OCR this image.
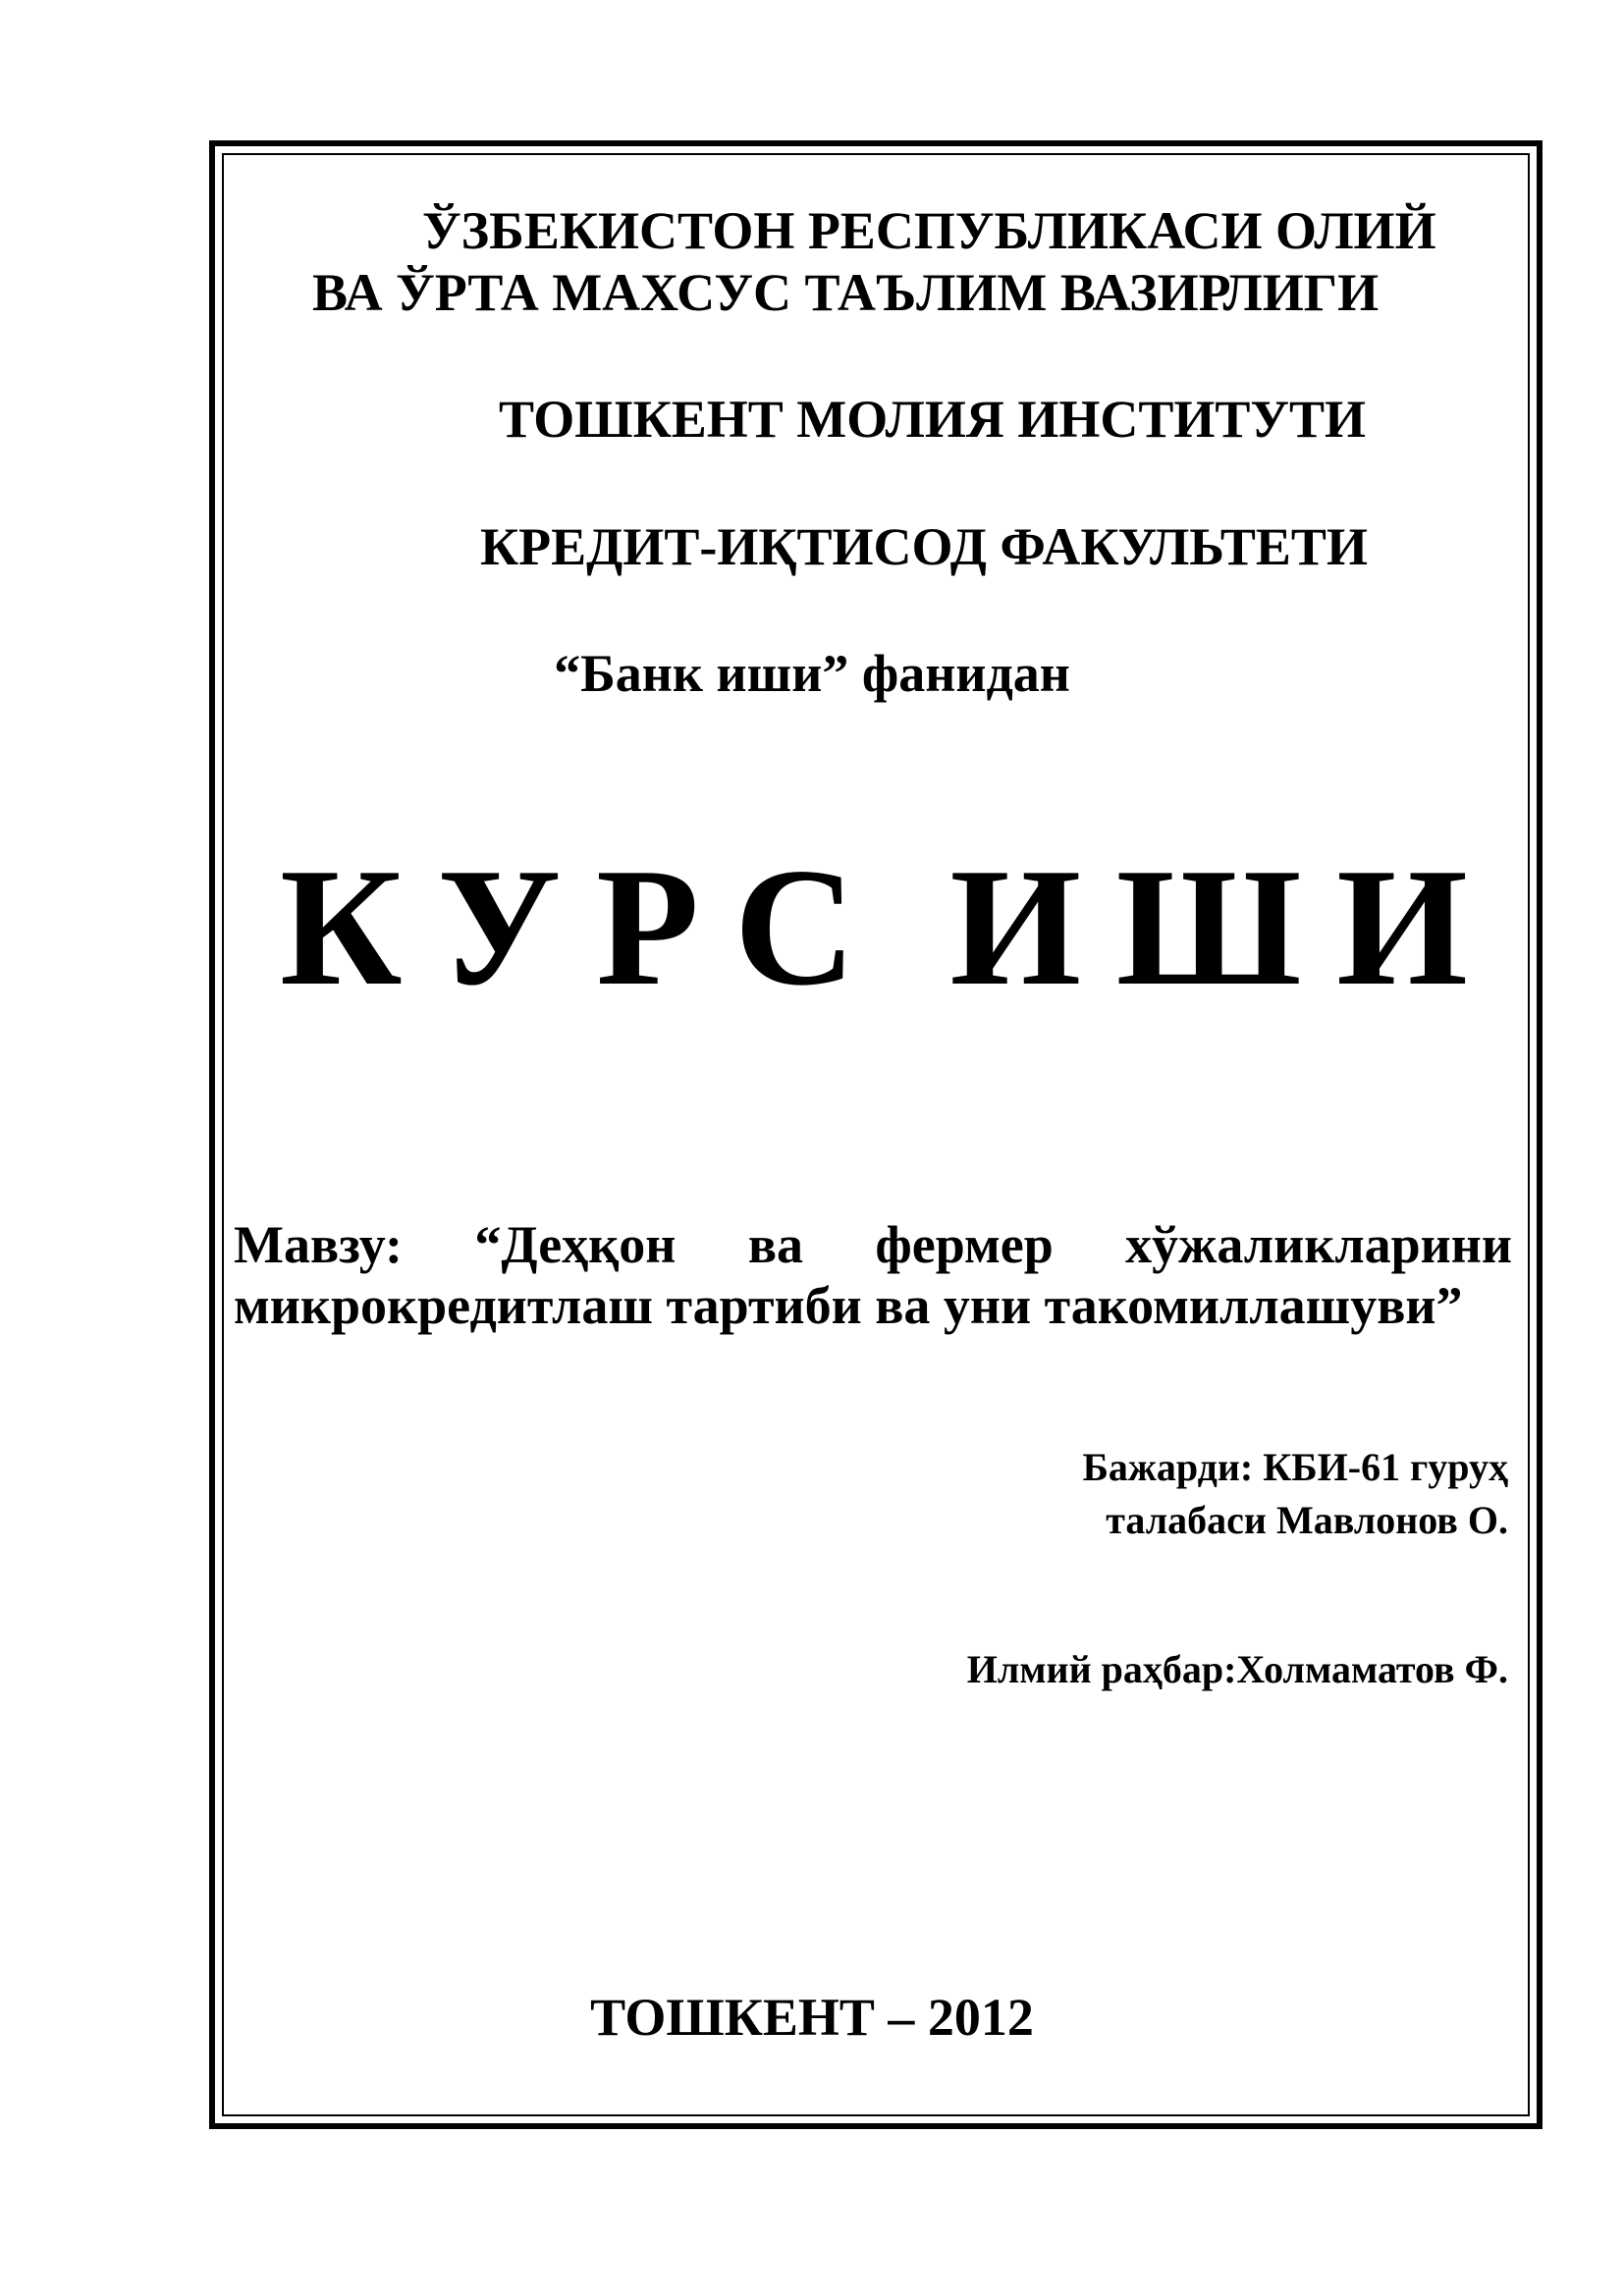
ЎЗБЕКИСТОН РЕСПУБЛИКАСИ ОЛИЙ

ВА ЎРТА МАХСУС ТАЪЛИМ ВАЗИРЛИГИ

ТОШКЕНТ МОЛИЯ ИНСТИТУТИ

КРЕДИТ-ИҚТИСОД ФАКУЛЬТЕТИ

“Банк иши” фанидан

К У Р С И Ш И
Мавзу: “Деҳқон ва фермер хўжаликларини микрокредитлаш тартиби ва уни такомиллашуви”
Бажарди: КБИ-61 гуруҳ
талабаси Мавлонов О.
Илмий раҳбар:Холмаматов Ф.

ТОШКЕНТ – 2012
